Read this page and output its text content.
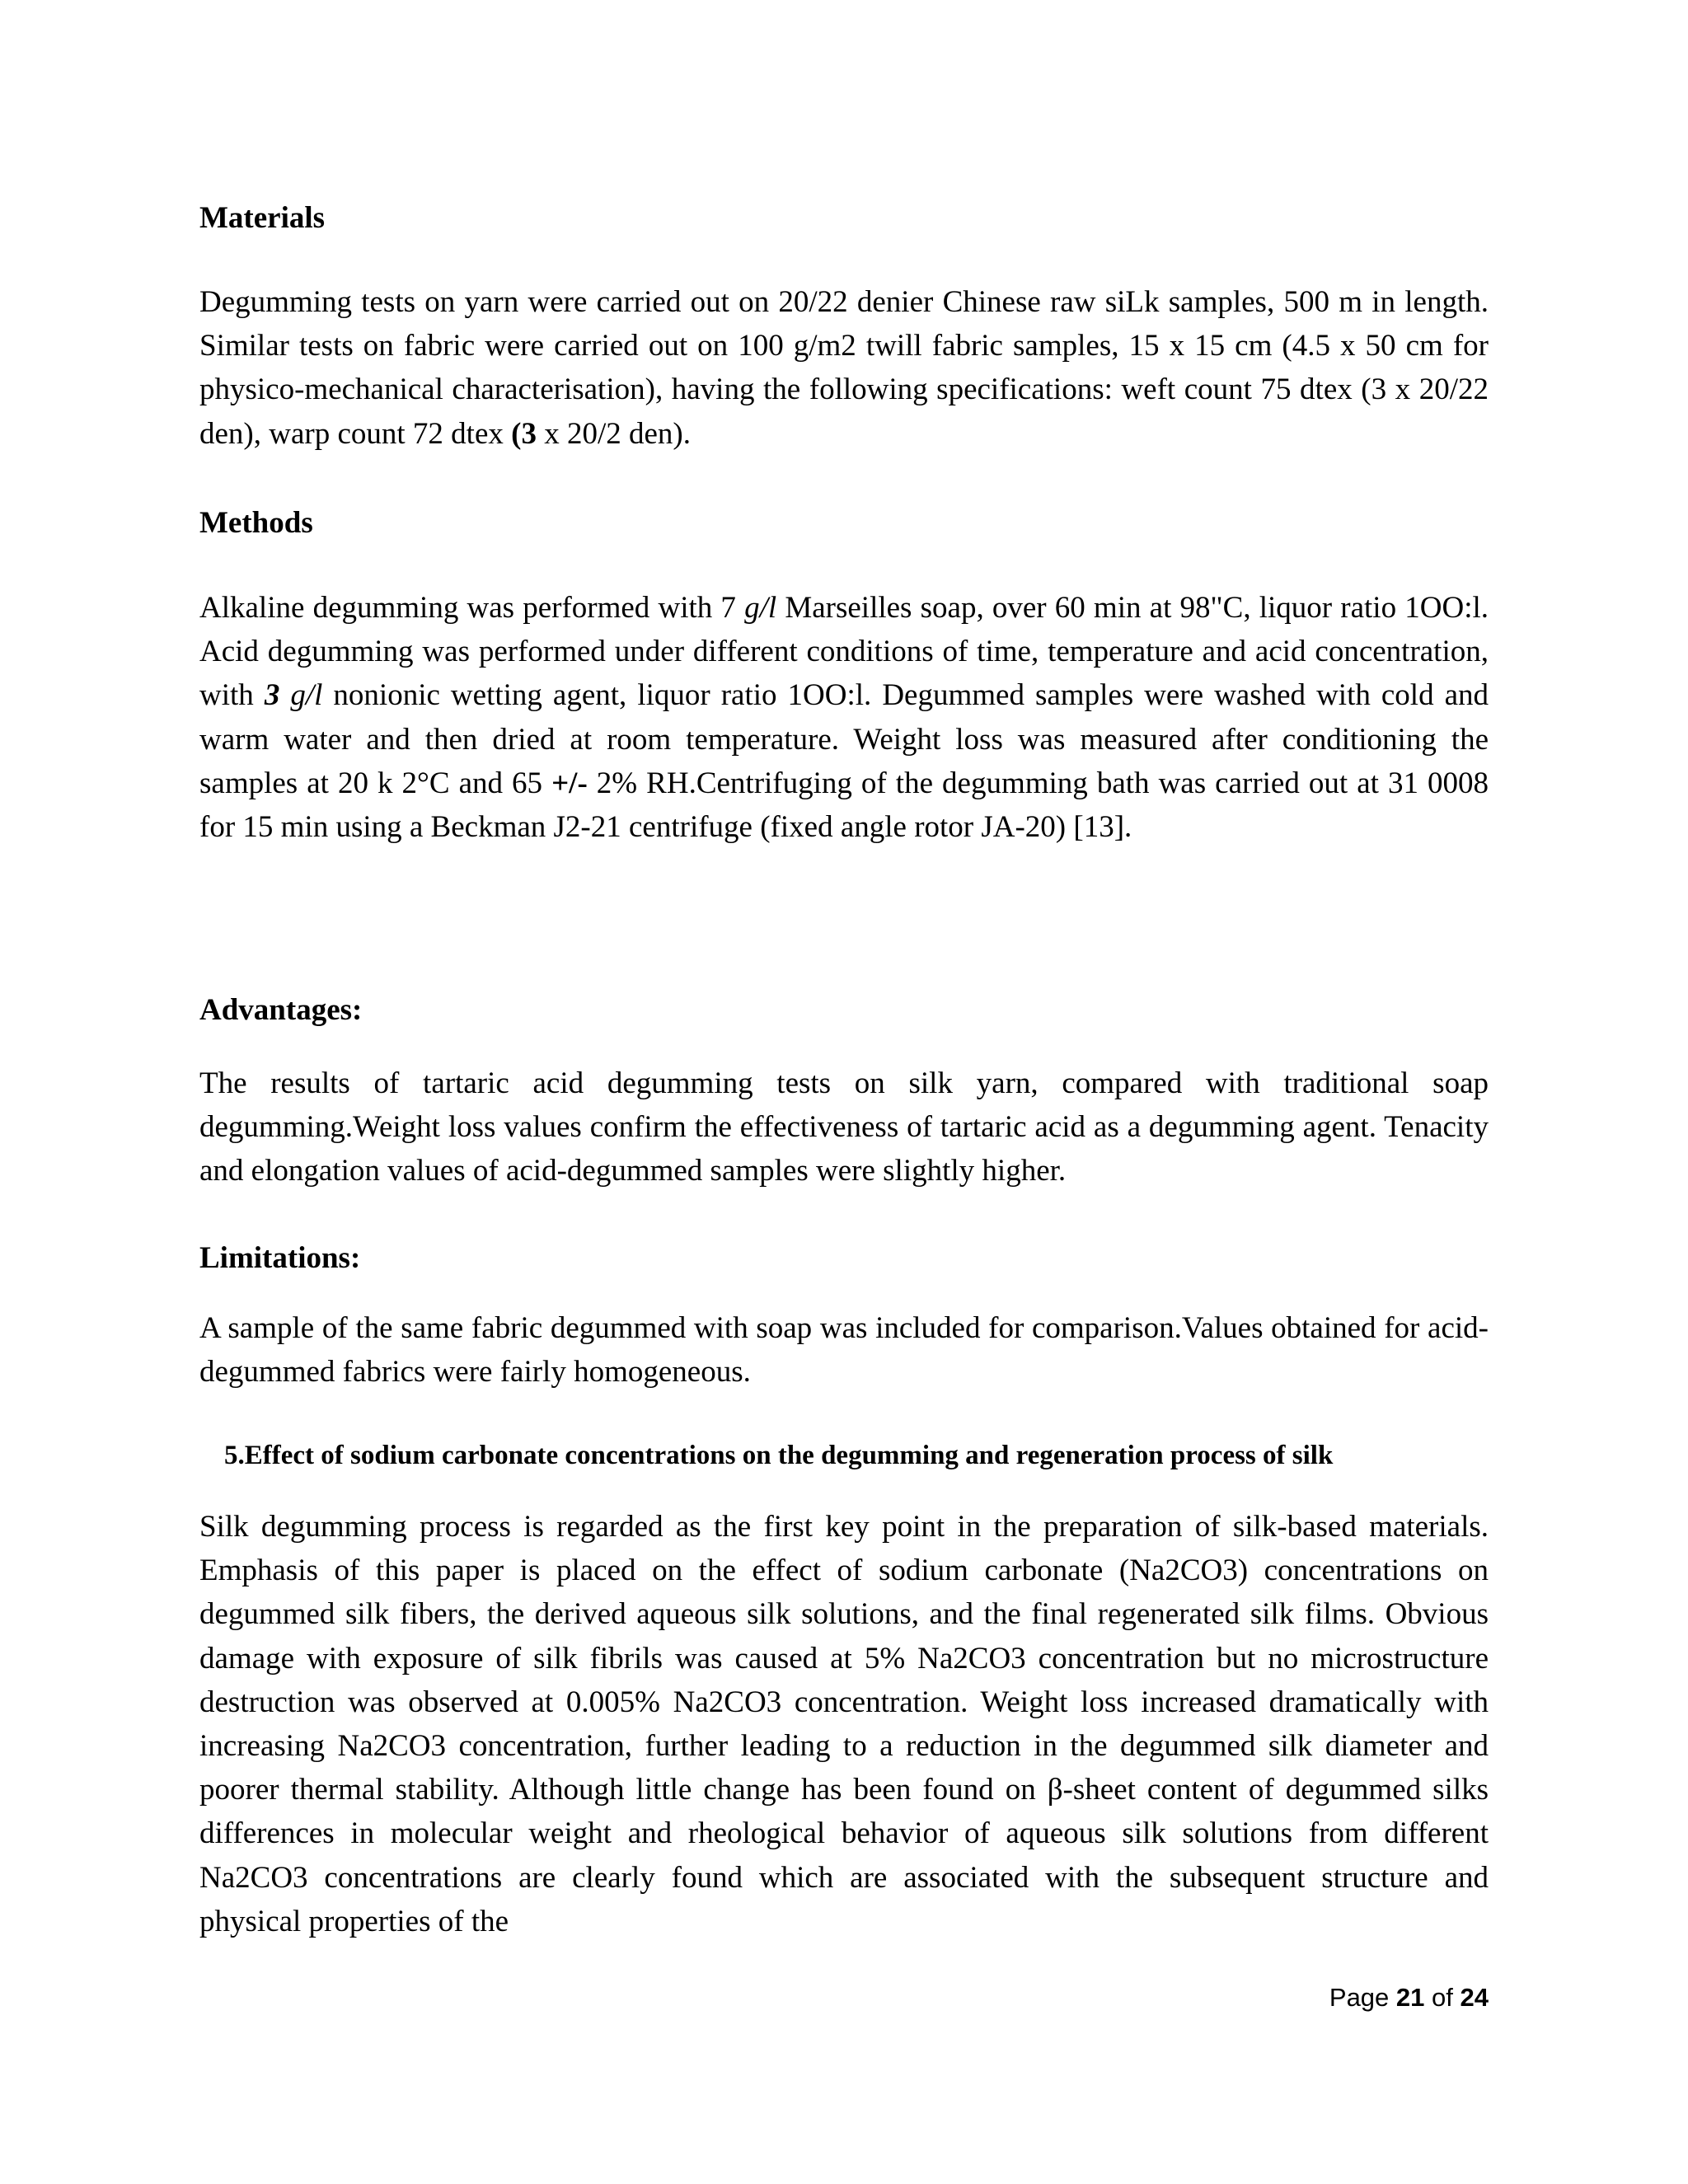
Materials

Degumming tests on yarn were carried out on 20/22 denier Chinese raw siLk samples, 500 m in length. Similar tests on fabric were carried out on 100 g/m2 twill fabric samples, 15 x 15 cm (4.5 x 50 cm for physico-mechanical characterisation), having the following specifications: weft count 75 dtex (3 x 20/22 den), warp count 72 dtex (3 x 20/2 den).

Methods

Alkaline degumming was performed with 7 g/l Marseilles soap, over 60 min at 98"C, liquor ratio 1OO:l. Acid degumming was performed under different conditions of time, temperature and acid concentration, with 3 g/l nonionic wetting agent, liquor ratio 1OO:l. Degummed samples were washed with cold and warm water and then dried at room temperature. Weight loss was measured after conditioning the samples at 20 k 2°C and 65 +/- 2% RH.Centrifuging of the degumming bath was carried out at 31 0008 for 15 min using a Beckman J2-21 centrifuge (fixed angle rotor JA-20) [13].

Advantages:

The results of tartaric acid degumming tests on silk yarn, compared with traditional soap degumming.Weight loss values confirm the effectiveness of tartaric acid as a degumming agent. Tenacity and elongation values of acid-degummed samples were slightly higher.

Limitations:

A sample of the same fabric degummed with soap was included for comparison.Values obtained for acid-degummed fabrics were fairly homogeneous.

5.Effect of sodium carbonate concentrations on the degumming and regeneration process of silk

Silk degumming process is regarded as the first key point in the preparation of silk-based materials. Emphasis of this paper is placed on the effect of sodium carbonate (Na2CO3) concentrations on degummed silk fibers, the derived aqueous silk solutions, and the final regenerated silk films. Obvious damage with exposure of silk fibrils was caused at 5% Na2CO3 concentration but no microstructure destruction was observed at 0.005% Na2CO3 concentration. Weight loss increased dramatically with increasing Na2CO3 concentration, further leading to a reduction in the degummed silk diameter and poorer thermal stability. Although little change has been found on β-sheet content of degummed silks differences in molecular weight and rheological behavior of aqueous silk solutions from different Na2CO3 concentrations are clearly found which are associated with the subsequent structure and physical properties of the

Page 21 of 24
